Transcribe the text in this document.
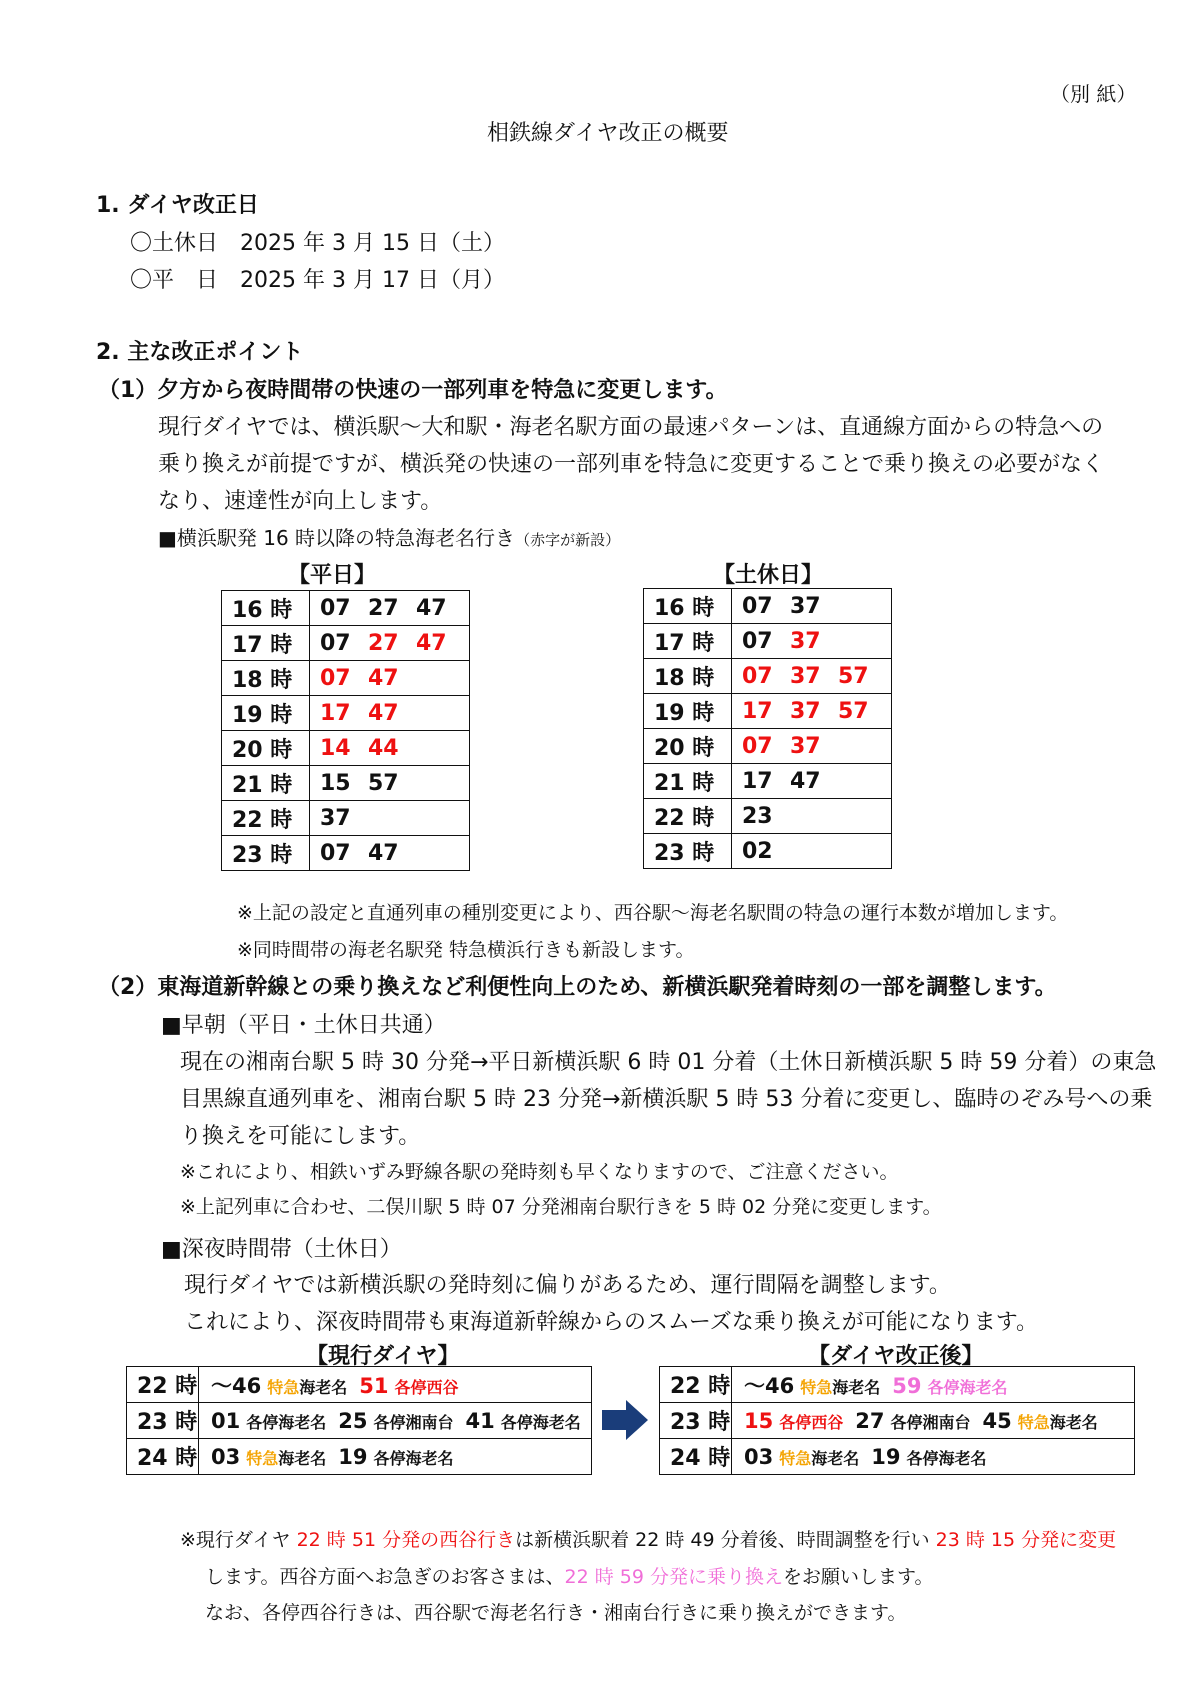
（別 紙）
相鉄線ダイヤ改正の概要
1. ダイヤ改正日
〇土休日　2025 年 3 月 15 日（土）
〇平　日　2025 年 3 月 17 日（月）
2. 主な改正ポイント
（1）夕方から夜時間帯の快速の一部列車を特急に変更します。
現行ダイヤでは、横浜駅～大和駅・海老名駅方面の最速パターンは、直通線方面からの特急への
乗り換えが前提ですが、横浜発の快速の一部列車を特急に変更することで乗り換えの必要がなく
なり、速達性が向上します。
■横浜駅発 16 時以降の特急海老名行き（赤字が新設）
【平日】	【土休日】
16 時	07 27 47
17 時	07 27 47
18 時	07 47
19 時	17 47
20 時	14 44
21 時	15 57
22 時	37
23 時	07 47
16 時	07 37
17 時	07 37
18 時	07 37 57
19 時	17 37 57
20 時	07 37
21 時	17 47
22 時	23
23 時	02
※上記の設定と直通列車の種別変更により、西谷駅～海老名駅間の特急の運行本数が増加します。
※同時間帯の海老名駅発 特急横浜行きも新設します。
（2）東海道新幹線との乗り換えなど利便性向上のため、新横浜駅発着時刻の一部を調整します。
■早朝（平日・土休日共通）
現在の湘南台駅 5 時 30 分発→平日新横浜駅 6 時 01 分着（土休日新横浜駅 5 時 59 分着）の東急
目黒線直通列車を、湘南台駅 5 時 23 分発→新横浜駅 5 時 53 分着に変更し、臨時のぞみ号への乗
り換えを可能にします。
※これにより、相鉄いずみ野線各駅の発時刻も早くなりますので、ご注意ください。
※上記列車に合わせ、二俣川駅 5 時 07 分発湘南台駅行きを 5 時 02 分発に変更します。
■深夜時間帯（土休日）
現行ダイヤでは新横浜駅の発時刻に偏りがあるため、運行間隔を調整します。
これにより、深夜時間帯も東海道新幹線からのスムーズな乗り換えが可能になります。
【現行ダイヤ】	【ダイヤ改正後】
22 時	～46 特急海老名 51 各停西谷
23 時	01 各停海老名 25 各停湘南台 41 各停海老名
24 時	03 特急海老名 19 各停海老名
22 時	～46 特急海老名 59 各停海老名
23 時	15 各停西谷 27 各停湘南台 45 特急海老名
24 時	03 特急海老名 19 各停海老名
※現行ダイヤ 22 時 51 分発の西谷行きは新横浜駅着 22 時 49 分着後、時間調整を行い 23 時 15 分発に変更
します。西谷方面へお急ぎのお客さまは、22 時 59 分発に乗り換えをお願いします。
なお、各停西谷行きは、西谷駅で海老名行き・湘南台行きに乗り換えができます。
